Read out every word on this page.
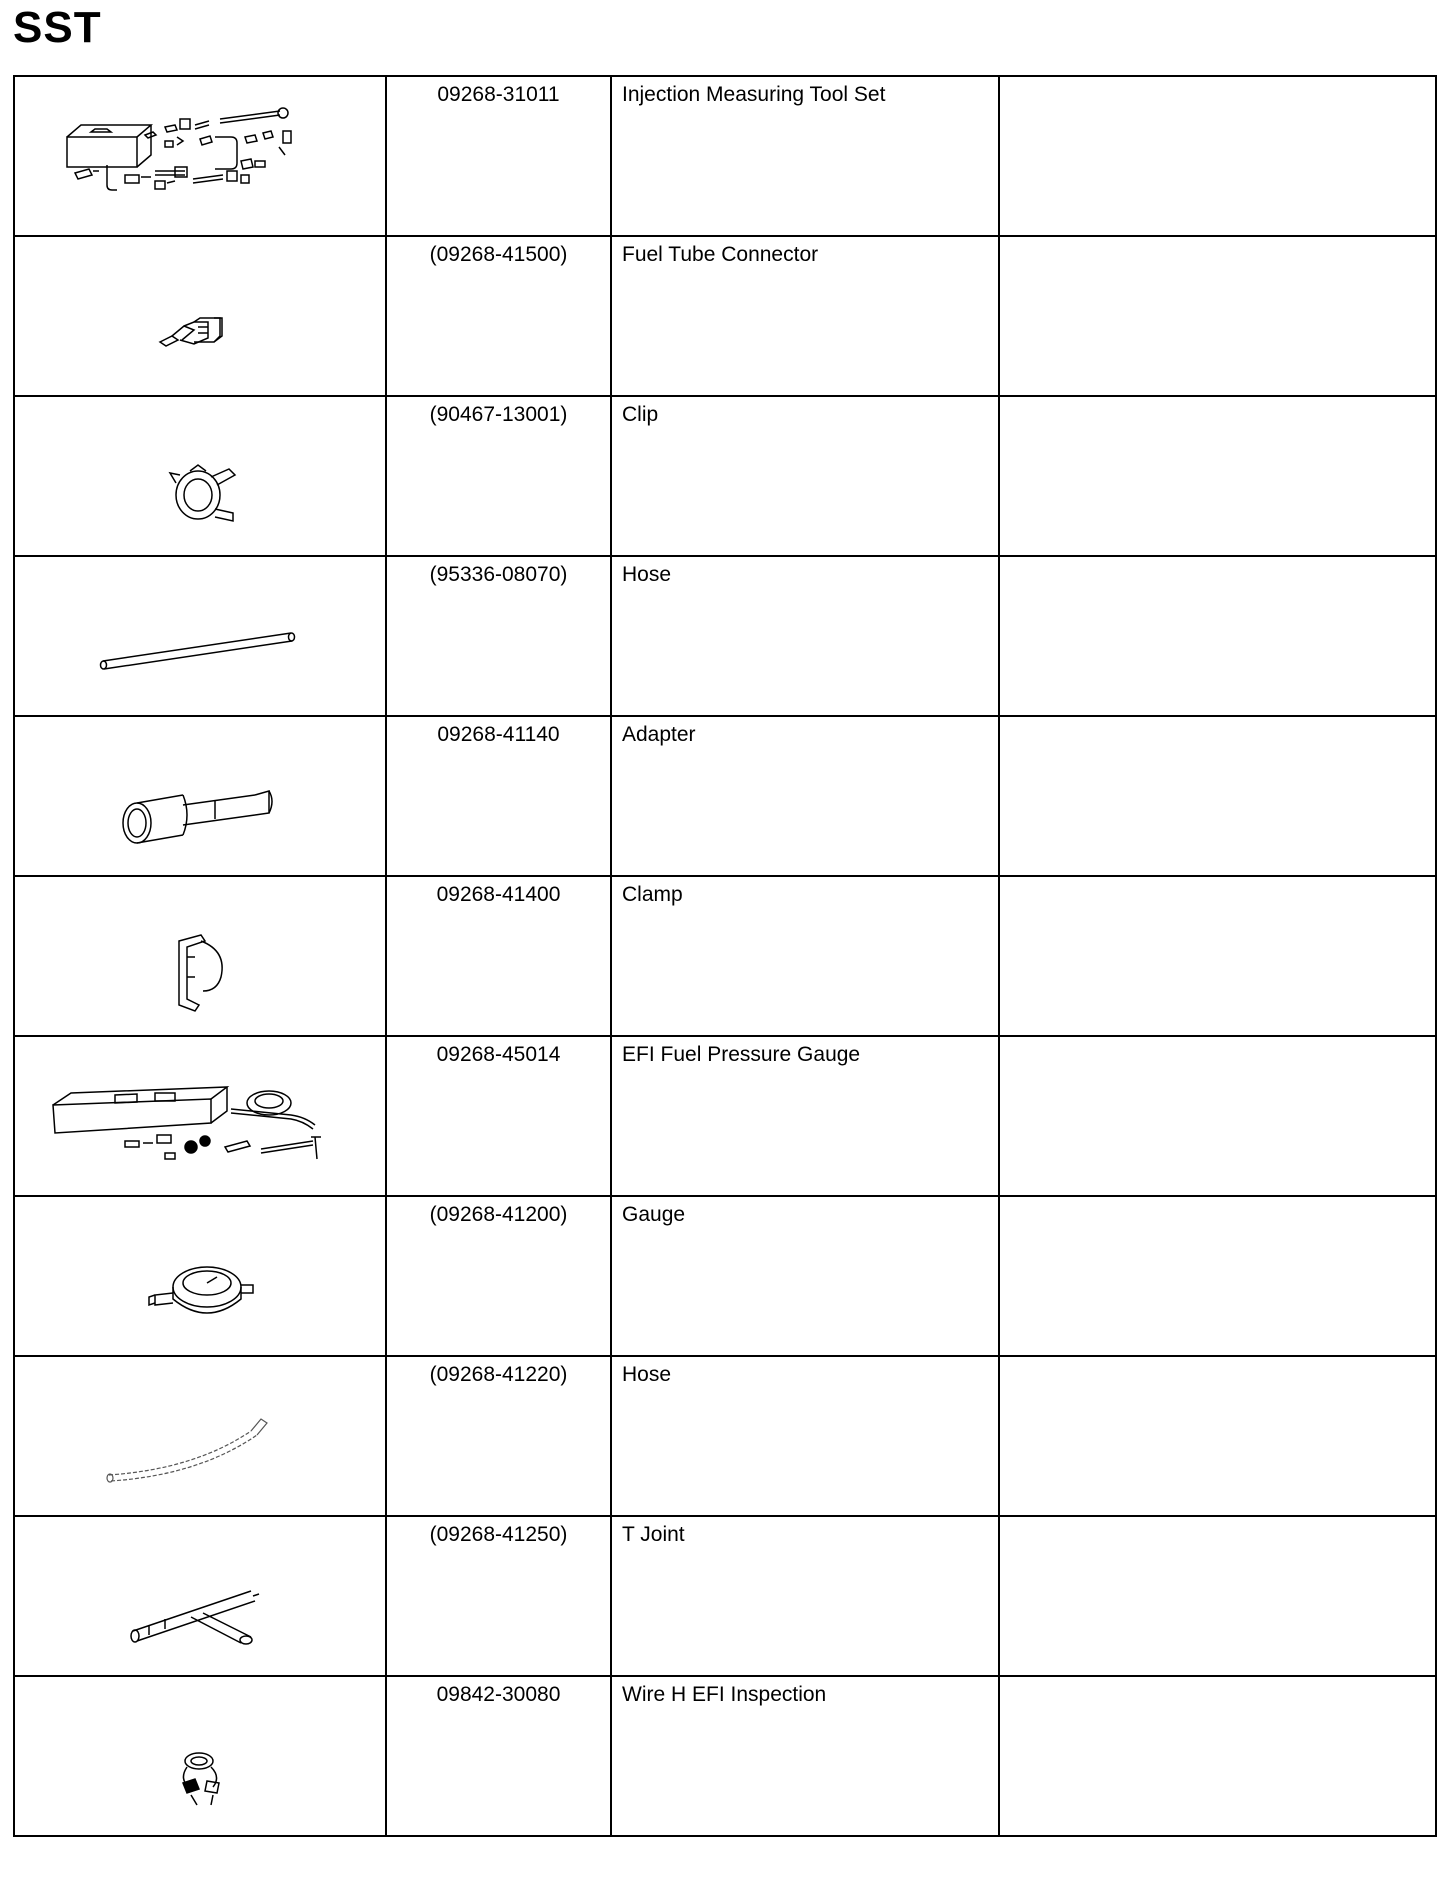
SST

09268-31011	Injection Measuring Tool Set	

(09268-41500)	Fuel Tube Connector	

(90467-13001)	Clip	

(95336-08070)	Hose	

09268-41140	Adapter	

09268-41400	Clamp	

09268-45014	EFI Fuel Pressure Gauge	

(09268-41200)	Gauge	

(09268-41220)	Hose	

(09268-41250)	T Joint	

09842-30080	Wire H EFI Inspection	
